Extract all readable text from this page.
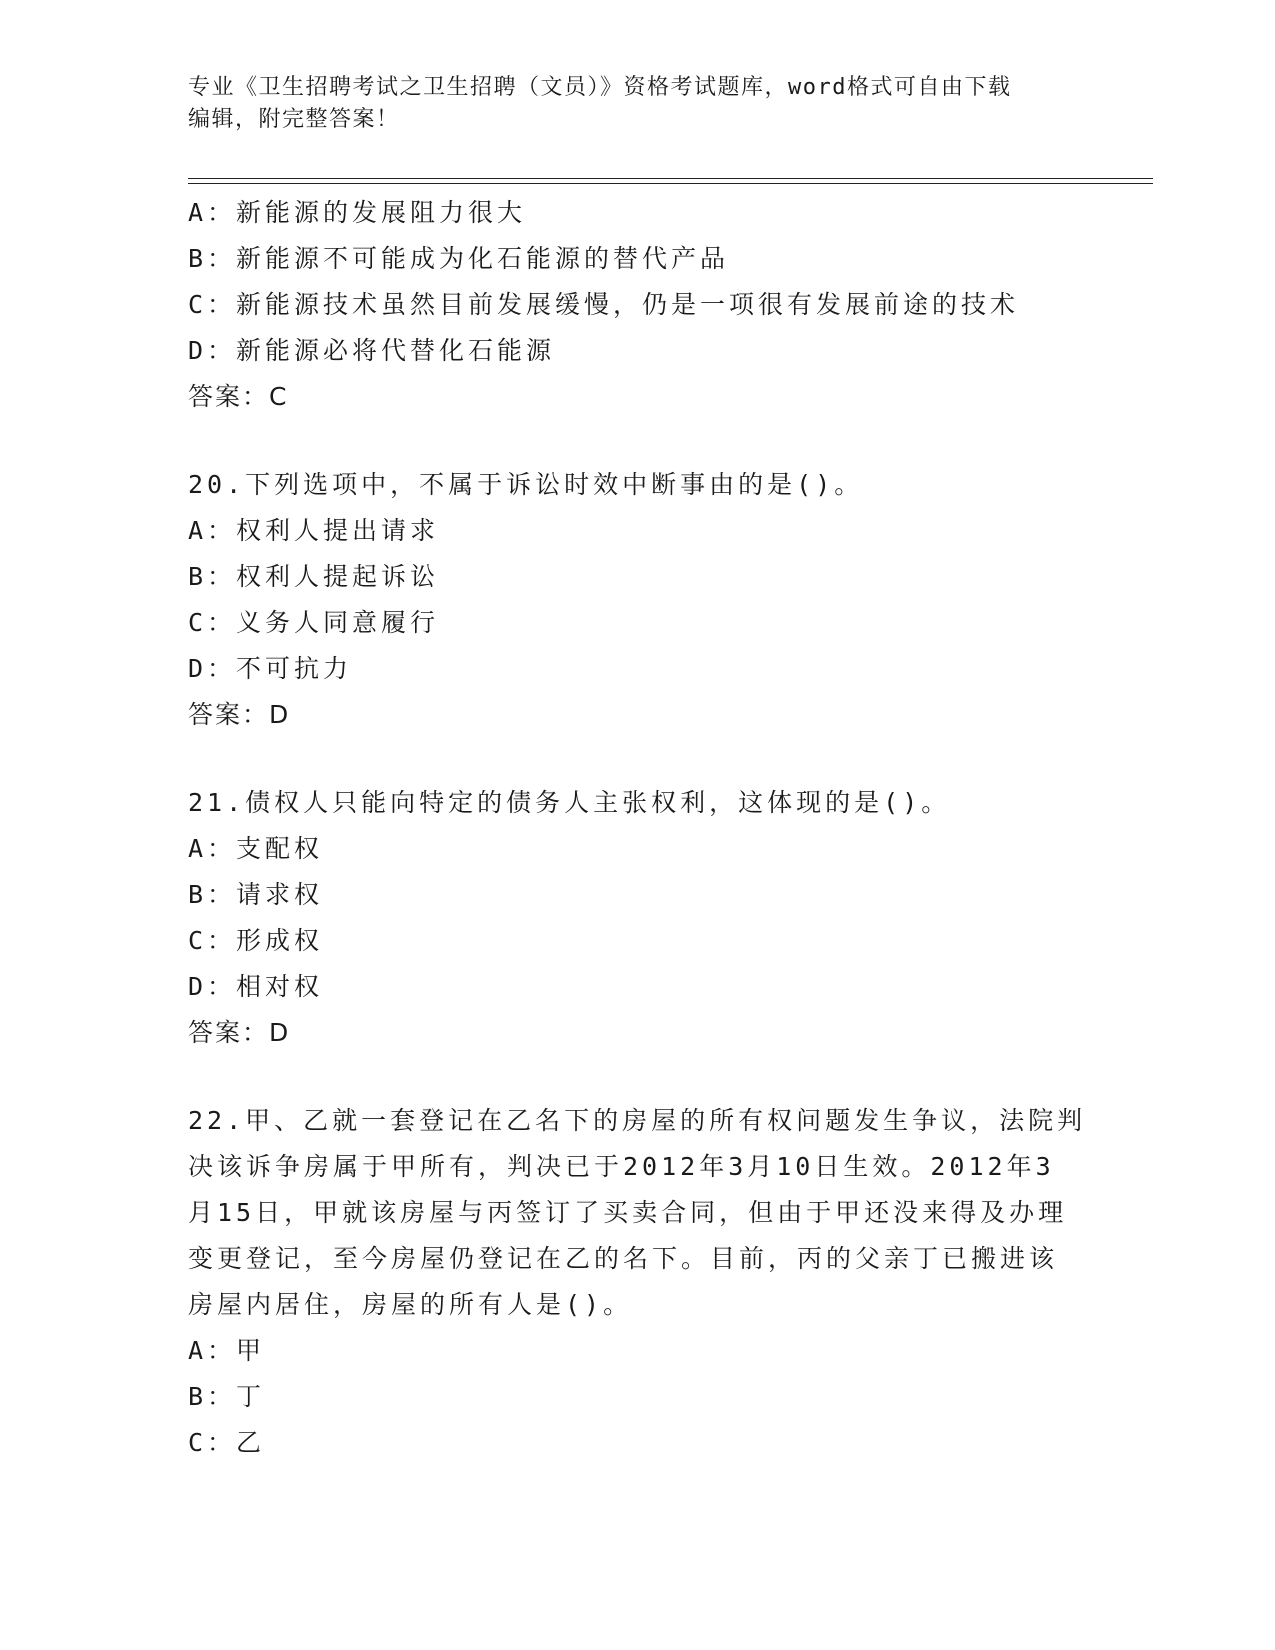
专业《卫生招聘考试之卫生招聘（文员）》资格考试题库，word格式可自由下载
编辑，附完整答案！
A：新能源的发展阻力很大
B：新能源不可能成为化石能源的替代产品
C：新能源技术虽然目前发展缓慢，仍是一项很有发展前途的技术
D：新能源必将代替化石能源
答案：C
20.下列选项中，不属于诉讼时效中断事由的是()。
A：权利人提出请求
B：权利人提起诉讼
C：义务人同意履行
D：不可抗力
答案：D
21.债权人只能向特定的债务人主张权利，这体现的是()。
A：支配权
B：请求权
C：形成权
D：相对权
答案：D
22.甲、乙就一套登记在乙名下的房屋的所有权问题发生争议，法院判
决该诉争房属于甲所有，判决已于2012年3月10日生效。2012年3
月15日，甲就该房屋与丙签订了买卖合同，但由于甲还没来得及办理
变更登记，至今房屋仍登记在乙的名下。目前，丙的父亲丁已搬进该
房屋内居住，房屋的所有人是()。
A：甲
B：丁
C：乙
